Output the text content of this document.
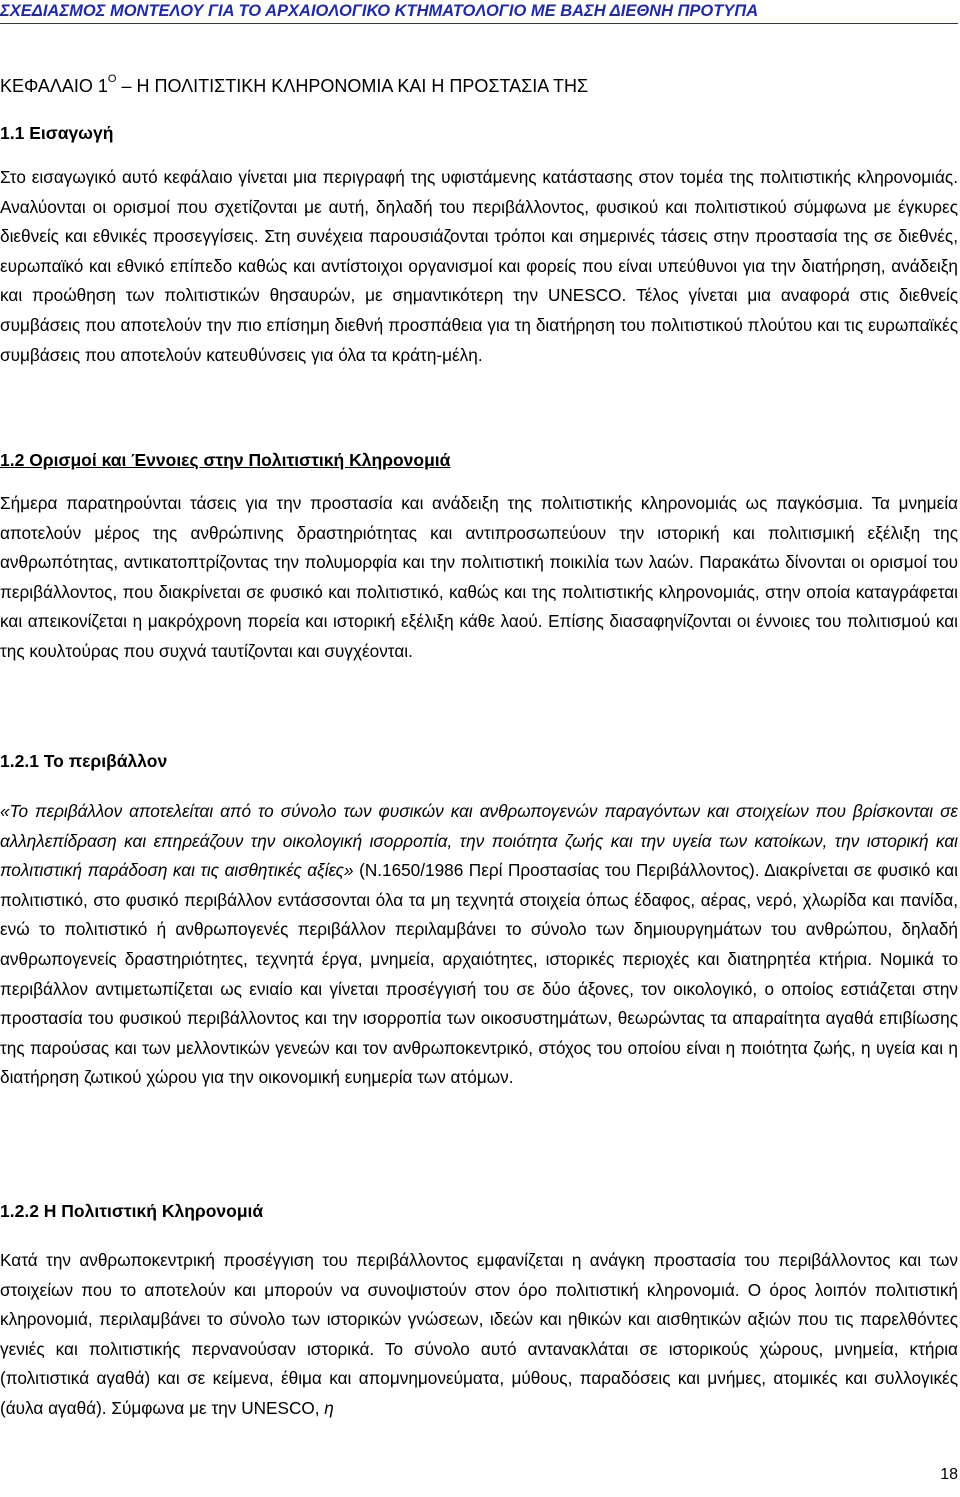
ΣΧΕΔΙΑΣΜΟΣ ΜΟΝΤΕΛΟΥ ΓΙΑ ΤΟ ΑΡΧΑΙΟΛΟΓΙΚΟ ΚΤΗΜΑΤΟΛΟΓΙΟ ΜΕ ΒΑΣΗ ΔΙΕΘΝΗ ΠΡΟΤΥΠΑ
ΚΕΦΑΛΑΙΟ $1^O$ – Η ΠΟΛΙΤΙΣΤΙΚΗ ΚΛΗΡΟΝΟΜΙΑ ΚΑΙ Η ΠΡΟΣΤΑΣΙΑ ΤΗΣ
1.1 Εισαγωγή
Στο εισαγωγικό αυτό κεφάλαιο γίνεται μια περιγραφή της υφιστάμενης κατάστασης στον τομέα της πολιτιστικής κληρονομιάς. Αναλύονται οι ορισμοί που σχετίζονται με αυτή, δηλαδή του περιβάλλοντος, φυσικού και πολιτιστικού σύμφωνα με έγκυρες διεθνείς και εθνικές προσεγγίσεις. Στη συνέχεια παρουσιάζονται τρόποι και σημερινές τάσεις στην προστασία της σε διεθνές, ευρωπαϊκό και εθνικό επίπεδο καθώς και αντίστοιχοι οργανισμοί και φορείς που είναι υπεύθυνοι για την διατήρηση, ανάδειξη και προώθηση των πολιτιστικών θησαυρών, με σημαντικότερη την UNESCO. Τέλος γίνεται μια αναφορά στις διεθνείς συμβάσεις που αποτελούν την πιο επίσημη διεθνή προσπάθεια για τη διατήρηση του πολιτιστικού πλούτου και τις ευρωπαϊκές συμβάσεις που αποτελούν κατευθύνσεις για όλα τα κράτη-μέλη.
1.2 Ορισμοί και Έννοιες στην Πολιτιστική Κληρονομιά
Σήμερα παρατηρούνται τάσεις για την προστασία και ανάδειξη της πολιτιστικής κληρονομιάς ως παγκόσμια. Τα μνημεία αποτελούν μέρος της ανθρώπινης δραστηριότητας και αντιπροσωπεύουν την ιστορική και πολιτισμική εξέλιξη της ανθρωπότητας, αντικατοπτρίζοντας την πολυμορφία και την πολιτιστική ποικιλία των λαών. Παρακάτω δίνονται οι ορισμοί του περιβάλλοντος, που διακρίνεται σε φυσικό και πολιτιστικό, καθώς και της πολιτιστικής κληρονομιάς, στην οποία καταγράφεται και απεικονίζεται η μακρόχρονη πορεία και ιστορική εξέλιξη κάθε λαού. Επίσης διασαφηνίζονται οι έννοιες του πολιτισμού και της κουλτούρας που συχνά ταυτίζονται και συγχέονται.
1.2.1 Το περιβάλλον
«Το περιβάλλον αποτελείται από το σύνολο των φυσικών και ανθρωπογενών παραγόντων και στοιχείων που βρίσκονται σε αλληλεπίδραση και επηρεάζουν την οικολογική ισορροπία, την ποιότητα ζωής και την υγεία των κατοίκων, την ιστορική και πολιτιστική παράδοση και τις αισθητικές αξίες» (Ν.1650/1986 Περί Προστασίας του Περιβάλλοντος). Διακρίνεται σε φυσικό και πολιτιστικό, στο φυσικό περιβάλλον εντάσσονται όλα τα μη τεχνητά στοιχεία όπως έδαφος, αέρας, νερό, χλωρίδα και πανίδα, ενώ το πολιτιστικό ή ανθρωπογενές περιβάλλον περιλαμβάνει το σύνολο των δημιουργημάτων του ανθρώπου, δηλαδή ανθρωπογενείς δραστηριότητες, τεχνητά έργα, μνημεία, αρχαιότητες, ιστορικές περιοχές και διατηρητέα κτήρια. Νομικά το περιβάλλον αντιμετωπίζεται ως ενιαίο και γίνεται προσέγγισή του σε δύο άξονες, τον οικολογικό, ο οποίος εστιάζεται στην προστασία του φυσικού περιβάλλοντος και την ισορροπία των οικοσυστημάτων, θεωρώντας τα απαραίτητα αγαθά επιβίωσης της παρούσας και των μελλοντικών γενεών και τον ανθρωποκεντρικό, στόχος του οποίου είναι η ποιότητα ζωής, η υγεία και η διατήρηση ζωτικού χώρου για την οικονομική ευημερία των ατόμων.
1.2.2 Η Πολιτιστική Κληρονομιά
Κατά την ανθρωποκεντρική προσέγγιση του περιβάλλοντος εμφανίζεται η ανάγκη προστασία του περιβάλλοντος και των στοιχείων που το αποτελούν και μπορούν να συνοψιστούν στον όρο πολιτιστική κληρονομιά. Ο όρος λοιπόν πολιτιστική κληρονομιά, περιλαμβάνει το σύνολο των ιστορικών γνώσεων, ιδεών και ηθικών και αισθητικών αξιών που τις παρελθόντες γενιές και πολιτιστικής περνανούσαν ιστορικά. Το σύνολο αυτό αντανακλάται σε ιστορικούς χώρους, μνημεία, κτήρια (πολιτιστικά αγαθά) και σε κείμενα, έθιμα και απομνημονεύματα, μύθους, παραδόσεις και μνήμες, ατομικές και συλλογικές (άυλα αγαθά). Σύμφωνα με την UNESCO, η
18
